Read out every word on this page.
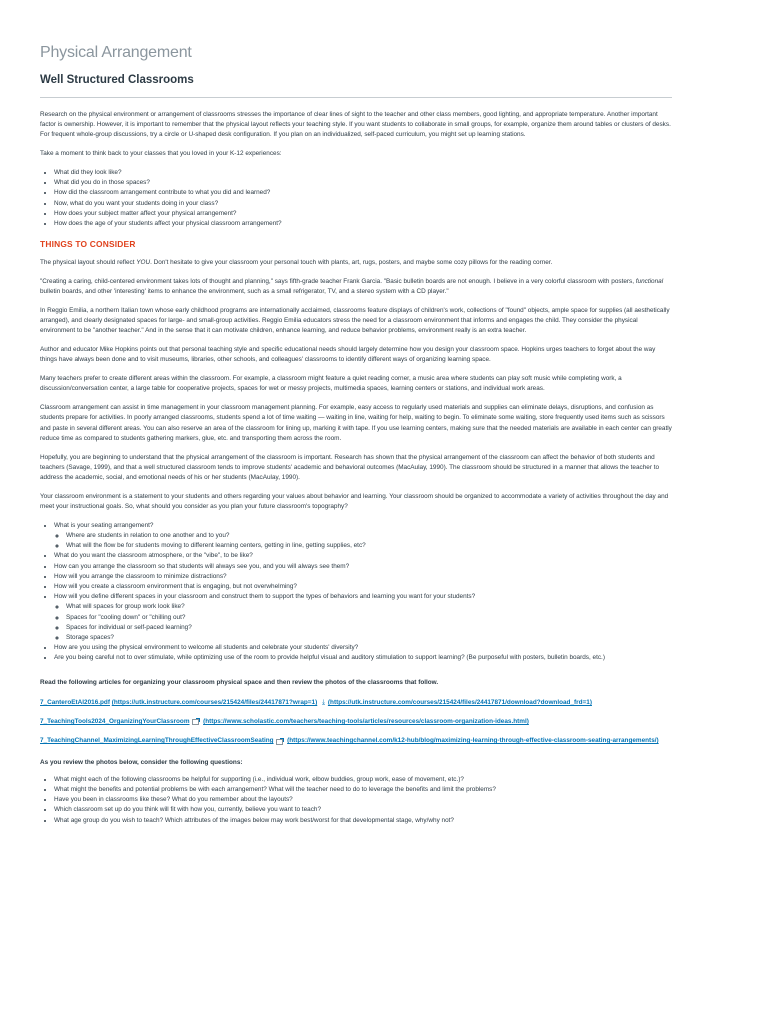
Physical Arrangement
Well Structured Classrooms

Research on the physical environment or arrangement of classrooms stresses the importance of clear lines of sight to the teacher and other class members, good lighting, and appropriate temperature. Another important factor is ownership. However, it is important to remember that the physical layout reflects your teaching style. If you want students to collaborate in small groups, for example, organize them around tables or clusters of desks. For frequent whole-group discussions, try a circle or U-shaped desk configuration. If you plan on an individualized, self-paced curriculum, you might set up learning stations.

Take a moment to think back to your classes that you loved in your K-12 experiences:

• What did they look like?
• What did you do in those spaces?
• How did the classroom arrangement contribute to what you did and learned?
• Now, what do you want your students doing in your class?
• How does your subject matter affect your physical arrangement?
• How does the age of your students affect your physical classroom arrangement?
THINGS TO CONSIDER

The physical layout should reflect YOU. Don't hesitate to give your classroom your personal touch with plants, art, rugs, posters, and maybe some cozy pillows for the reading corner.

"Creating a caring, child-centered environment takes lots of thought and planning," says fifth-grade teacher Frank Garcia. "Basic bulletin boards are not enough. I believe in a very colorful classroom with posters, functional bulletin boards, and other 'interesting' items to enhance the environment, such as a small refrigerator, TV, and a stereo system with a CD player."

In Reggio Emilia, a northern Italian town whose early childhood programs are internationally acclaimed, classrooms feature displays of children's work, collections of "found" objects, ample space for supplies (all aesthetically arranged), and clearly designated spaces for large- and small-group activities. Reggio Emilia educators stress the need for a classroom environment that informs and engages the child. They consider the physical environment to be "another teacher." And in the sense that it can motivate children, enhance learning, and reduce behavior problems, environment really is an extra teacher.

Author and educator Mike Hopkins points out that personal teaching style and specific educational needs should largely determine how you design your classroom space. Hopkins urges teachers to forget about the way things have always been done and to visit museums, libraries, other schools, and colleagues' classrooms to identify different ways of organizing learning space.

Many teachers prefer to create different areas within the classroom. For example, a classroom might feature a quiet reading corner, a music area where students can play soft music while completing work, a discussion/conversation center, a large table for cooperative projects, spaces for wet or messy projects, multimedia spaces, learning centers or stations, and individual work areas.

Classroom arrangement can assist in time management in your classroom management planning. For example, easy access to regularly used materials and supplies can eliminate delays, disruptions, and confusion as students prepare for activities. In poorly arranged classrooms, students spend a lot of time waiting — waiting in line, waiting for help, waiting to begin. To eliminate some waiting, store frequently used items such as scissors and paste in several different areas. You can also reserve an area of the classroom for lining up, marking it with tape. If you use learning centers, making sure that the needed materials are available in each center can greatly reduce time as compared to students gathering markers, glue, etc. and transporting them across the room.

Hopefully, you are beginning to understand that the physical arrangement of the classroom is important. Research has shown that the physical arrangement of the classroom can affect the behavior of both students and teachers (Savage, 1999), and that a well structured classroom tends to improve students' academic and behavioral outcomes (MacAulay, 1990). The classroom should be structured in a manner that allows the teacher to address the academic, social, and emotional needs of his or her students (MacAulay, 1990).

Your classroom environment is a statement to your students and others regarding your values about behavior and learning. Your classroom should be organized to accommodate a variety of activities throughout the day and meet your instructional goals. So, what should you consider as you plan your future classroom's topography?

• What is your seating arrangement?
◦ Where are students in relation to one another and to you?
◦ What will the flow be for students moving to different learning centers, getting in line, getting supplies, etc?
• What do you want the classroom atmosphere, or the "vibe", to be like?
• How can you arrange the classroom so that students will always see you, and you will always see them?
• How will you arrange the classroom to minimize distractions?
• How will you create a classroom environment that is engaging, but not overwhelming?
• How will you define different spaces in your classroom and construct them to support the types of behaviors and learning you want for your students?
◦ What will spaces for group work look like?
◦ Spaces for "cooling down" or "chilling out?
◦ Spaces for individual or self-paced learning?
◦ Storage spaces?
• How are you using the physical environment to welcome all students and celebrate your students' diversity?
• Are you being careful not to over stimulate, while optimizing use of the room to provide helpful visual and auditory stimulation to support learning? (Be purposeful with posters, bulletin boards, etc.)

Read the following articles for organizing your classroom physical space and then review the photos of the classrooms that follow.

7_CanteroEtAl2016.pdf (https://utk.instructure.com/courses/215424/files/24417871?wrap=1) ⤓ (https://utk.instructure.com/courses/215424/files/24417871/download?download_frd=1)
7_TeachingTools2024_OrganizingYourClassroom (https://www.scholastic.com/teachers/teaching-tools/articles/resources/classroom-organization-ideas.html)
7_TeachingChannel_MaximizingLearningThroughEffectiveClassroomSeating (https://www.teachingchannel.com/k12-hub/blog/maximizing-learning-through-effective-classroom-seating-arrangements/)

As you review the photos below, consider the following questions:

• What might each of the following classrooms be helpful for supporting (i.e., individual work, elbow buddies, group work, ease of movement, etc.)?
• What might the benefits and potential problems be with each arrangement? What will the teacher need to do to leverage the benefits and limit the problems?
• Have you been in classrooms like these? What do you remember about the layouts?
• Which classroom set up do you think will fit with how you, currently, believe you want to teach?
• What age group do you wish to teach? Which attributes of the images below may work best/worst for that developmental stage, why/why not?
